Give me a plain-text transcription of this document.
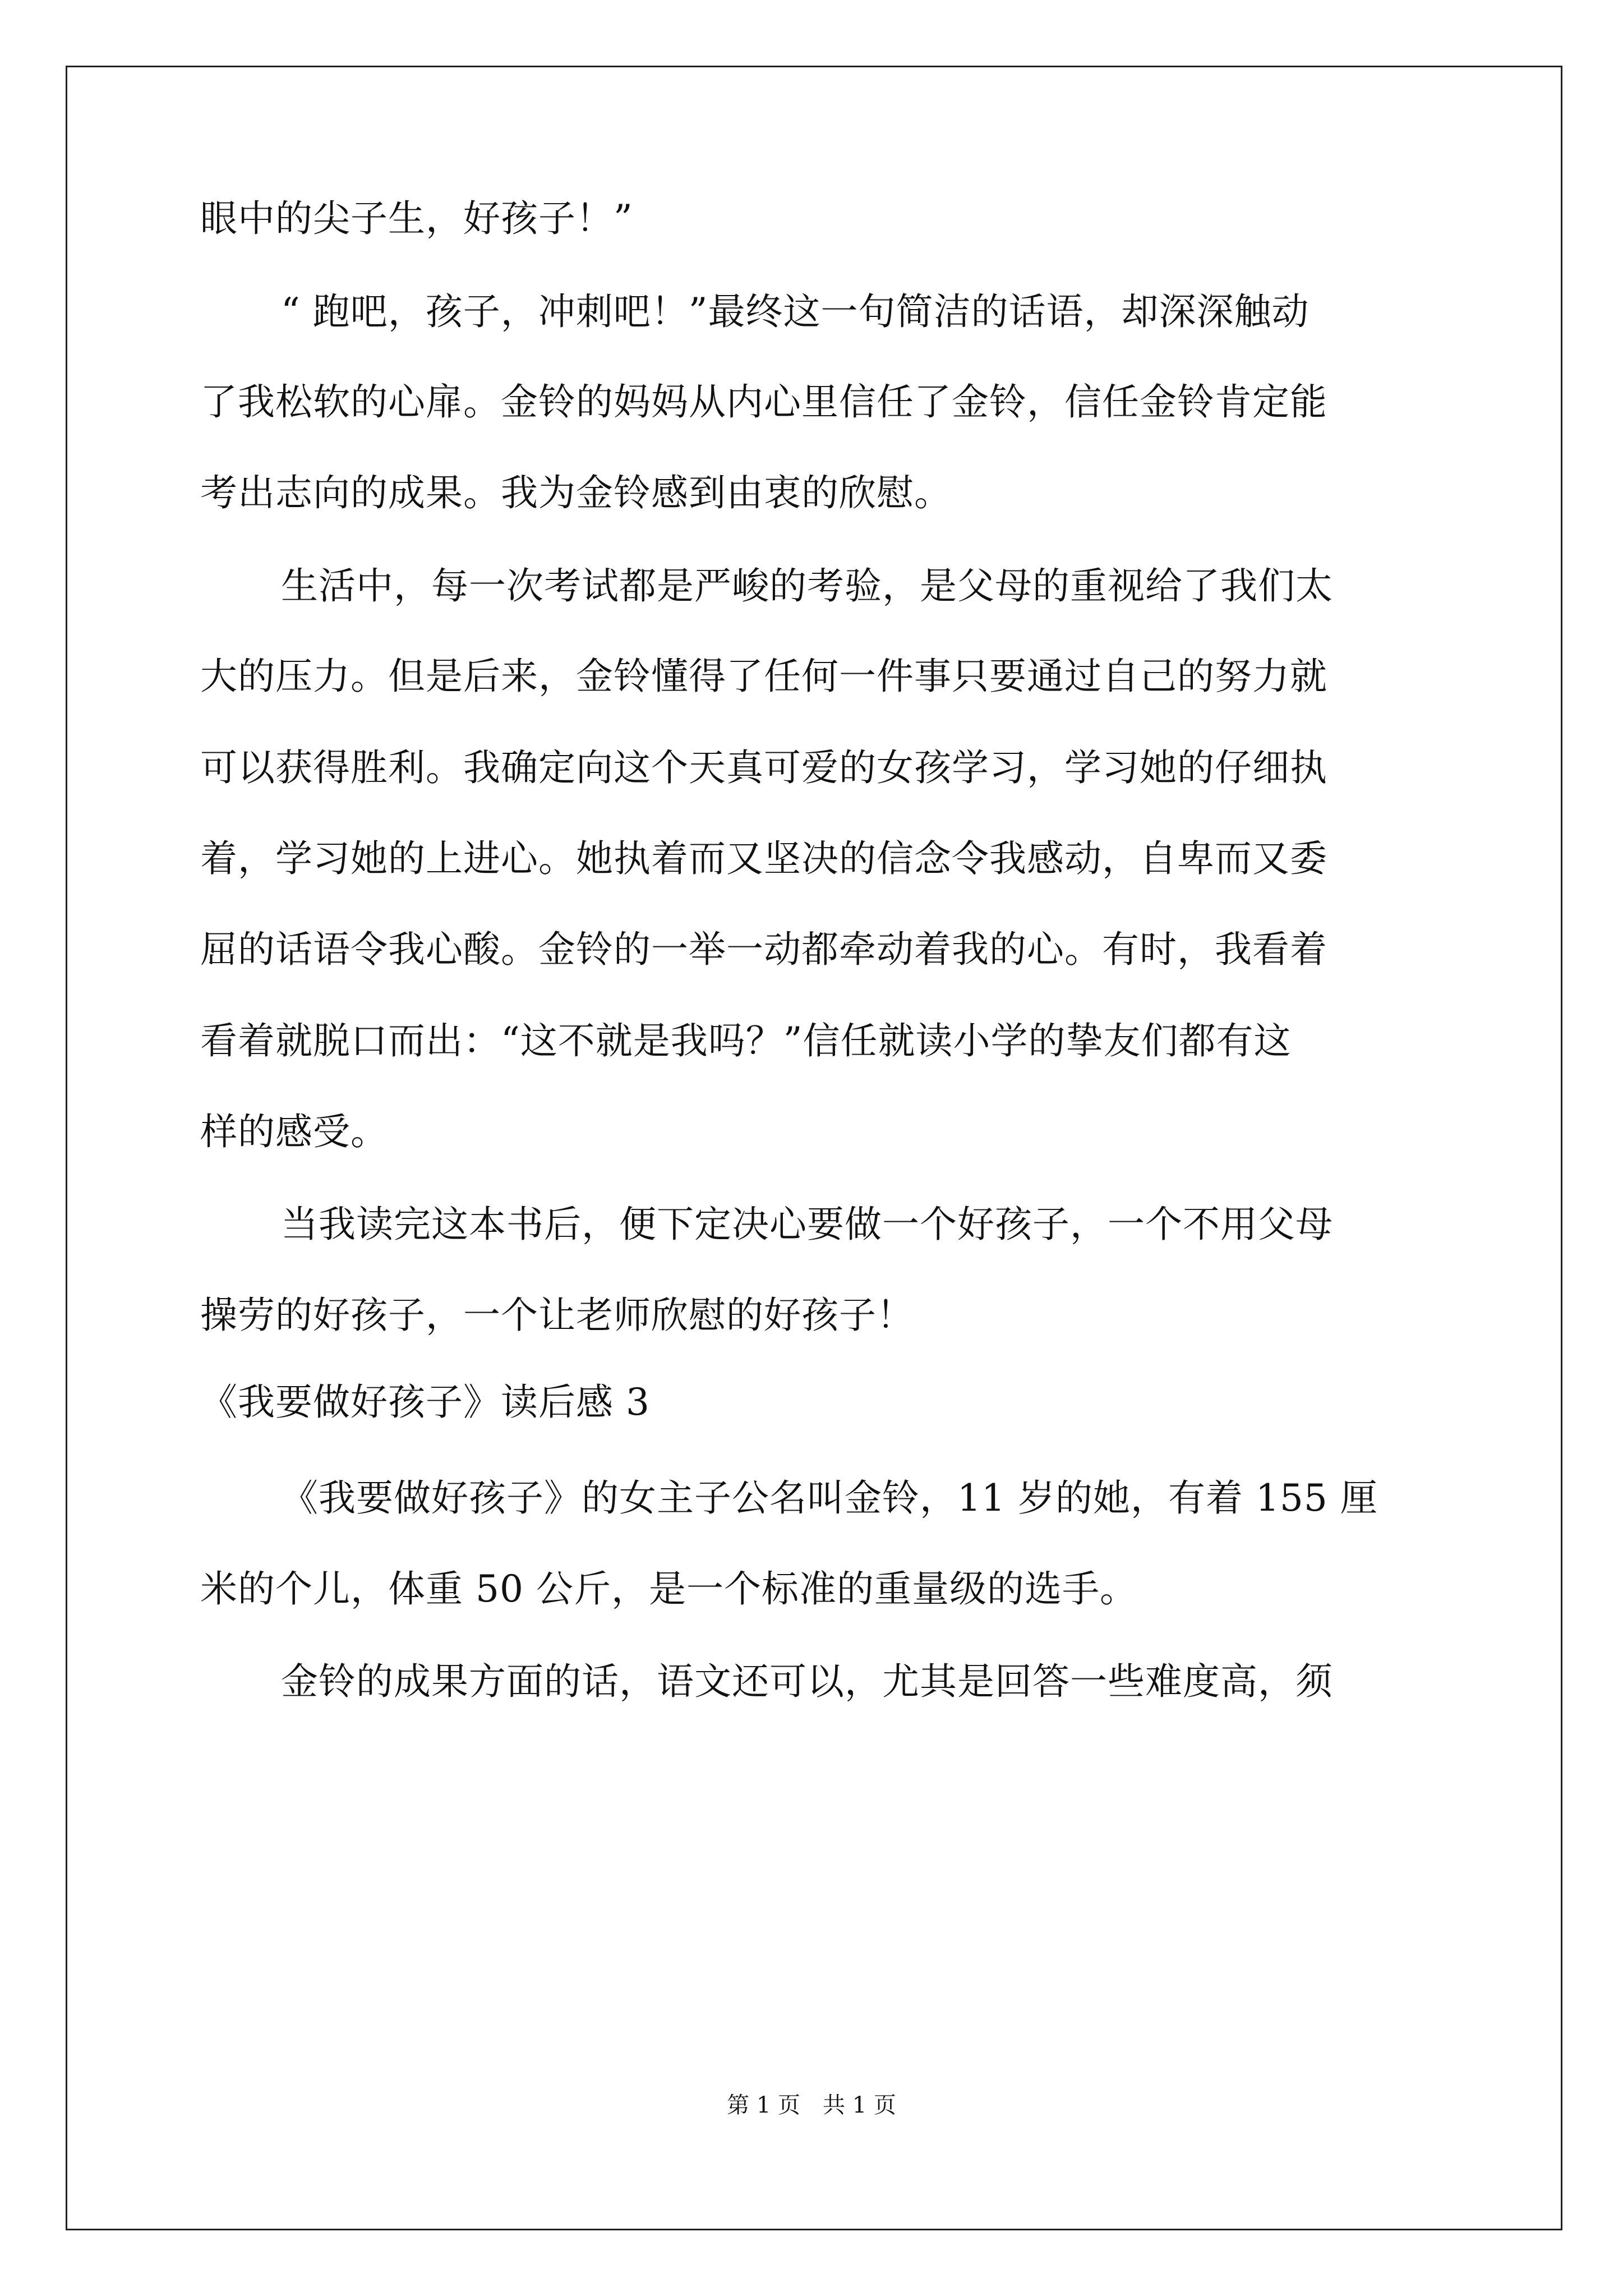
眼中的尖子生，好孩子！”
“ 跑吧，孩子，冲刺吧！”最终这一句简洁的话语，却深深触动
了我松软的心扉。金铃的妈妈从内心里信任了金铃，信任金铃肯定能
考出志向的成果。我为金铃感到由衷的欣慰。
生活中，每一次考试都是严峻的考验，是父母的重视给了我们太
大的压力。但是后来，金铃懂得了任何一件事只要通过自己的努力就
可以获得胜利。我确定向这个天真可爱的女孩学习，学习她的仔细执
着，学习她的上进心。她执着而又坚决的信念令我感动，自卑而又委
屈的话语令我心酸。金铃的一举一动都牵动着我的心。有时，我看着
看着就脱口而出：“这不就是我吗？”信任就读小学的挚友们都有这
样的感受。
当我读完这本书后，便下定决心要做一个好孩子，一个不用父母
操劳的好孩子，一个让老师欣慰的好孩子！
《我要做好孩子》读后感 3
《我要做好孩子》的女主子公名叫金铃，11 岁的她，有着 155 厘
米的个儿，体重 50 公斤，是一个标准的重量级的选手。
金铃的成果方面的话，语文还可以，尤其是回答一些难度高，须
第 1 页　共 1 页
